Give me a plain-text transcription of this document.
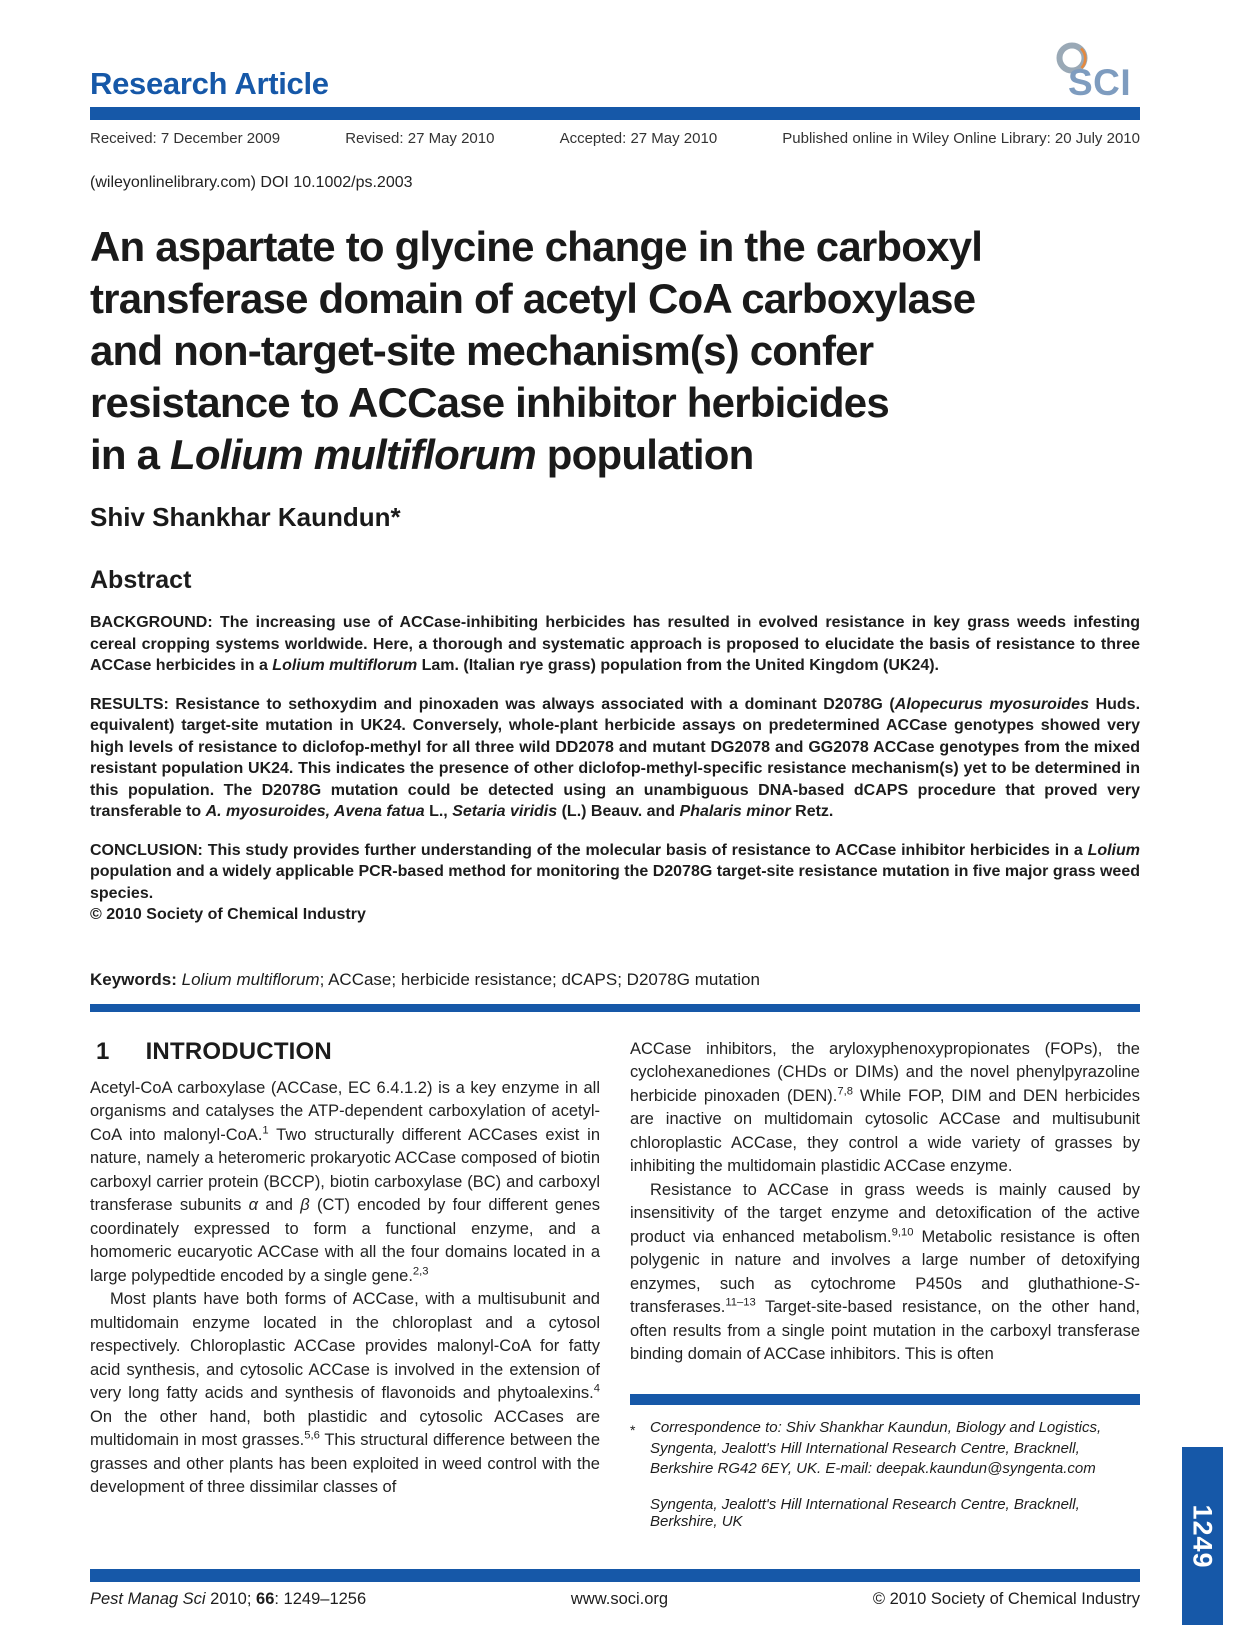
Research Article	SCI
Received: 7 December 2009	Revised: 27 May 2010	Accepted: 27 May 2010	Published online in Wiley Online Library: 20 July 2010
(wileyonlinelibrary.com) DOI 10.1002/ps.2003
An aspartate to glycine change in the carboxyl
transferase domain of acetyl CoA carboxylase
and non-target-site mechanism(s) confer
resistance to ACCase inhibitor herbicides
in a Lolium multiflorum population
Shiv Shankhar Kaundun*
Abstract

BACKGROUND: The increasing use of ACCase-inhibiting herbicides has resulted in evolved resistance in key grass weeds infesting cereal cropping systems worldwide. Here, a thorough and systematic approach is proposed to elucidate the basis of resistance to three ACCase herbicides in a Lolium multiflorum Lam. (Italian rye grass) population from the United Kingdom (UK24).

RESULTS: Resistance to sethoxydim and pinoxaden was always associated with a dominant D2078G (Alopecurus myosuroides Huds. equivalent) target-site mutation in UK24. Conversely, whole-plant herbicide assays on predetermined ACCase genotypes showed very high levels of resistance to diclofop-methyl for all three wild DD2078 and mutant DG2078 and GG2078 ACCase genotypes from the mixed resistant population UK24. This indicates the presence of other diclofop-methyl-specific resistance mechanism(s) yet to be determined in this population. The D2078G mutation could be detected using an unambiguous DNA-based dCAPS procedure that proved very transferable to A. myosuroides, Avena fatua L., Setaria viridis (L.) Beauv. and Phalaris minor Retz.

CONCLUSION: This study provides further understanding of the molecular basis of resistance to ACCase inhibitor herbicides in a Lolium population and a widely applicable PCR-based method for monitoring the D2078G target-site resistance mutation in five major grass weed species.

© 2010 Society of Chemical Industry
Keywords: Lolium multiflorum; ACCase; herbicide resistance; dCAPS; D2078G mutation
1 INTRODUCTION

Acetyl-CoA carboxylase (ACCase, EC 6.4.1.2) is a key enzyme in all organisms and catalyses the ATP-dependent carboxylation of acetyl-CoA into malonyl-CoA.$^1$ Two structurally different ACCases exist in nature, namely a heteromeric prokaryotic ACCase composed of biotin carboxyl carrier protein (BCCP), biotin carboxylase (BC) and carboxyl transferase subunits α and β (CT) encoded by four different genes coordinately expressed to form a functional enzyme, and a homomeric eucaryotic ACCase with all the four domains located in a large polypedtide encoded by a single gene.$^{2,3}$

Most plants have both forms of ACCase, with a multisubunit and multidomain enzyme located in the chloroplast and a cytosol respectively. Chloroplastic ACCase provides malonyl-CoA for fatty acid synthesis, and cytosolic ACCase is involved in the extension of very long fatty acids and synthesis of flavonoids and phytoalexins.$^4$ On the other hand, both plastidic and cytosolic ACCases are multidomain in most grasses.$^{5,6}$ This structural difference between the grasses and other plants has been exploited in weed control with the development of three dissimilar classes of

ACCase inhibitors, the aryloxyphenoxypropionates (FOPs), the cyclohexanediones (CHDs or DIMs) and the novel phenylpyrazoline herbicide pinoxaden (DEN).$^{7,8}$ While FOP, DIM and DEN herbicides are inactive on multidomain cytosolic ACCase and multisubunit chloroplastic ACCase, they control a wide variety of grasses by inhibiting the multidomain plastidic ACCase enzyme.

Resistance to ACCase in grass weeds is mainly caused by insensitivity of the target enzyme and detoxification of the active product via enhanced metabolism.$^{9,10}$ Metabolic resistance is often polygenic in nature and involves a large number of detoxifying enzymes, such as cytochrome P450s and gluthathione-S-transferases.$^{11-13}$ Target-site-based resistance, on the other hand, often results from a single point mutation in the carboxyl transferase binding domain of ACCase inhibitors. This is often

* Correspondence to: Shiv Shankhar Kaundun, Biology and Logistics, Syngenta, Jealott's Hill International Research Centre, Bracknell, Berkshire RG42 6EY, UK. E-mail: deepak.kaundun@syngenta.com
Syngenta, Jealott's Hill International Research Centre, Bracknell, Berkshire, UK
Pest Manag Sci 2010; 66: 1249–1256	www.soci.org	© 2010 Society of Chemical Industry
1249
